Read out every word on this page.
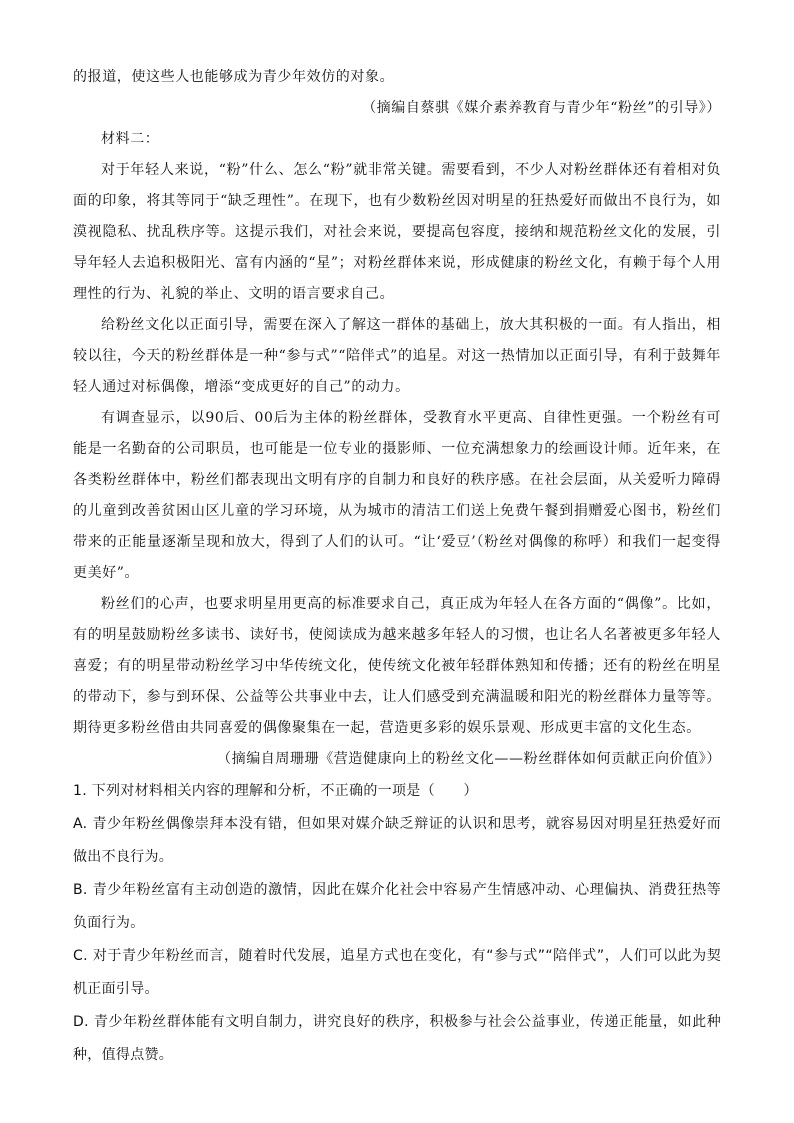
的报道，使这些人也能够成为青少年效仿的对象。

（摘编自蔡骐《媒介素养教育与青少年“粉丝”的引导》）

材料二：

对于年轻人来说，“粉”什么、怎么“粉”就非常关键。需要看到，不少人对粉丝群体还有着相对负面的印象，将其等同于“缺乏理性”。在现下，也有少数粉丝因对明星的狂热爱好而做出不良行为，如漠视隐私、扰乱秩序等。这提示我们，对社会来说，要提高包容度，接纳和规范粉丝文化的发展，引导年轻人去追积极阳光、富有内涵的“星”；对粉丝群体来说，形成健康的粉丝文化，有赖于每个人用理性的行为、礼貌的举止、文明的语言要求自己。

给粉丝文化以正面引导，需要在深入了解这一群体的基础上，放大其积极的一面。有人指出，相较以往，今天的粉丝群体是一种“参与式”“陪伴式”的追星。对这一热情加以正面引导，有利于鼓舞年轻人通过对标偶像，增添“变成更好的自己”的动力。

有调查显示，以90后、00后为主体的粉丝群体，受教育水平更高、自律性更强。一个粉丝有可能是一名勤奋的公司职员，也可能是一位专业的摄影师、一位充满想象力的绘画设计师。近年来，在各类粉丝群体中，粉丝们都表现出文明有序的自制力和良好的秩序感。在社会层面，从关爱听力障碍的儿童到改善贫困山区儿童的学习环境，从为城市的清洁工们送上免费午餐到捐赠爱心图书，粉丝们带来的正能量逐渐呈现和放大，得到了人们的认可。“让‘爱豆’（粉丝对偶像的称呼）和我们一起变得更美好”。

粉丝们的心声，也要求明星用更高的标准要求自己，真正成为年轻人在各方面的“偶像”。比如，有的明星鼓励粉丝多读书、读好书，使阅读成为越来越多年轻人的习惯，也让名人名著被更多年轻人喜爱；有的明星带动粉丝学习中华传统文化，使传统文化被年轻群体熟知和传播；还有的粉丝在明星的带动下，参与到环保、公益等公共事业中去，让人们感受到充满温暖和阳光的粉丝群体力量等等。期待更多粉丝借由共同喜爱的偶像聚集在一起，营造更多彩的娱乐景观、形成更丰富的文化生态。

（摘编自周珊珊《营造健康向上的粉丝文化——粉丝群体如何贡献正向价值》）

1. 下列对材料相关内容的理解和分析，不正确的一项是（　　）

A. 青少年粉丝偶像崇拜本没有错，但如果对媒介缺乏辩证的认识和思考，就容易因对明星狂热爱好而做出不良行为。

B. 青少年粉丝富有主动创造的激情，因此在媒介化社会中容易产生情感冲动、心理偏执、消费狂热等负面行为。

C. 对于青少年粉丝而言，随着时代发展，追星方式也在变化，有“参与式”“陪伴式”，人们可以此为契机正面引导。

D. 青少年粉丝群体能有文明自制力，讲究良好的秩序，积极参与社会公益事业，传递正能量，如此种种，值得点赞。
